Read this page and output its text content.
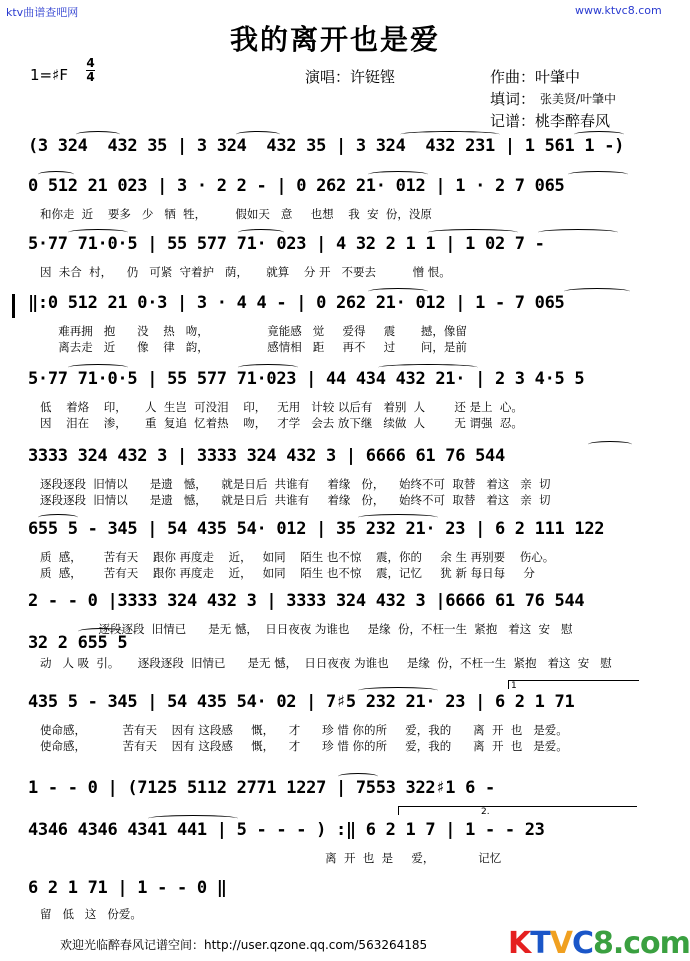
ktv曲谱查吧网	www.ktvc8.com
我的离开也是爱
1=♯F
4
4	演唱：许铤铿	作曲：叶肇中
填词： 张美贤/叶肇中
记谱：桃李醉春风
(3 324  432 35 | 3 324  432 35 | 3 324  432 231 | 1 561 1 -)
0 512 21 023 | 3 · 2 2 - | 0 262 21· 012 | 1 · 2 7 065
和你走  近    要多   少   牺  牲，        假如天   意     也想    我  安  份，没原
5·77 71·0·5 | 55 577 71· 023 | 4 32 2 1 1 | 1 02 7 -
因  未合  村，    仍   可紧  守着护   荫，     就算    分 开   不要去          憎 恨。
‖:0 512 21 0·3 | 3 · 4 4 - | 0 262 21· 012 | 1 - 7 065
难再拥   抱      没    热   吻，                竟能感   觉     爱得     震       撼，像留
离去走   近      像    律   韵，                感情相   距     再不     过       问，是前
5·77 71·0·5 | 55 577 71·023 | 44 434 432 21· | 2 3 4·5 5
低    着烙    印，     人  生岂  可没泪    印，   无用   计较 以后有   着别  人        还 是上  心。
因    泪在    渗，     重  复追  忆着热    吻，   才学   会去 放下继   续做  人        无 谓强  忍。
3333 324 432 3 | 3333 324 432 3 | 6666 61 76 544
逐段逐段  旧情以      是遗   憾，    就是日后  共谁有     着缘   份，    始终不可  取替   着这   亲  切
逐段逐段  旧情以      是遗   憾，    就是日后  共谁有     着缘   份，    始终不可  取替   着这   亲  切
655 5 - 345 | 54 435 54· 012 | 35 232 21· 23 | 6 2 111 122
质  感，      苦有天    跟你 再度走    近，   如同    陌生 也不惊    震，你的     余 生 再别要    伤心。
质  感，      苦有天    跟你 再度走    近，   如同    陌生 也不惊    震，记忆     犹 新 每日每     分
2 - - 0 |3333 324 432 3 | 3333 324 432 3 |6666 61 76 544
逐段逐段  旧情已      是无 憾，  日日夜夜 为谁也     是缘  份，不枉一生  紧抱   着这  安   慰
32 2 655 5
动   人 吸  引。     逐段逐段  旧情已      是无 憾，  日日夜夜 为谁也     是缘  份，不枉一生  紧抱   着这  安   慰
435 5 - 345 | 54 435 54· 02 | 7♯5 232 21· 23 | 6 2 1 71
1
使命感，          苦有天    因有 这段感     慨，    才      珍 惜 你的所     爱，我的      离  开  也   是爱。
使命感，          苦有天    因有 这段感     慨，    才      珍 惜 你的所     爱，我的      离  开  也   是爱。
1 - - 0 | (7125 5112 2771 1227 | 7553 322♯1 6 -
4346 4346 4341 441 | 5 - - - ) :‖ 6 2 1 7 | 1 - - 23
2.
离  开  也  是     爱，            记忆
6 2 1 71 | 1 - - 0 ‖
留   低   这   份爱。
欢迎光临醉春风记谱空间：http://user.qzone.qq.com/563264185	KTVC8.com
